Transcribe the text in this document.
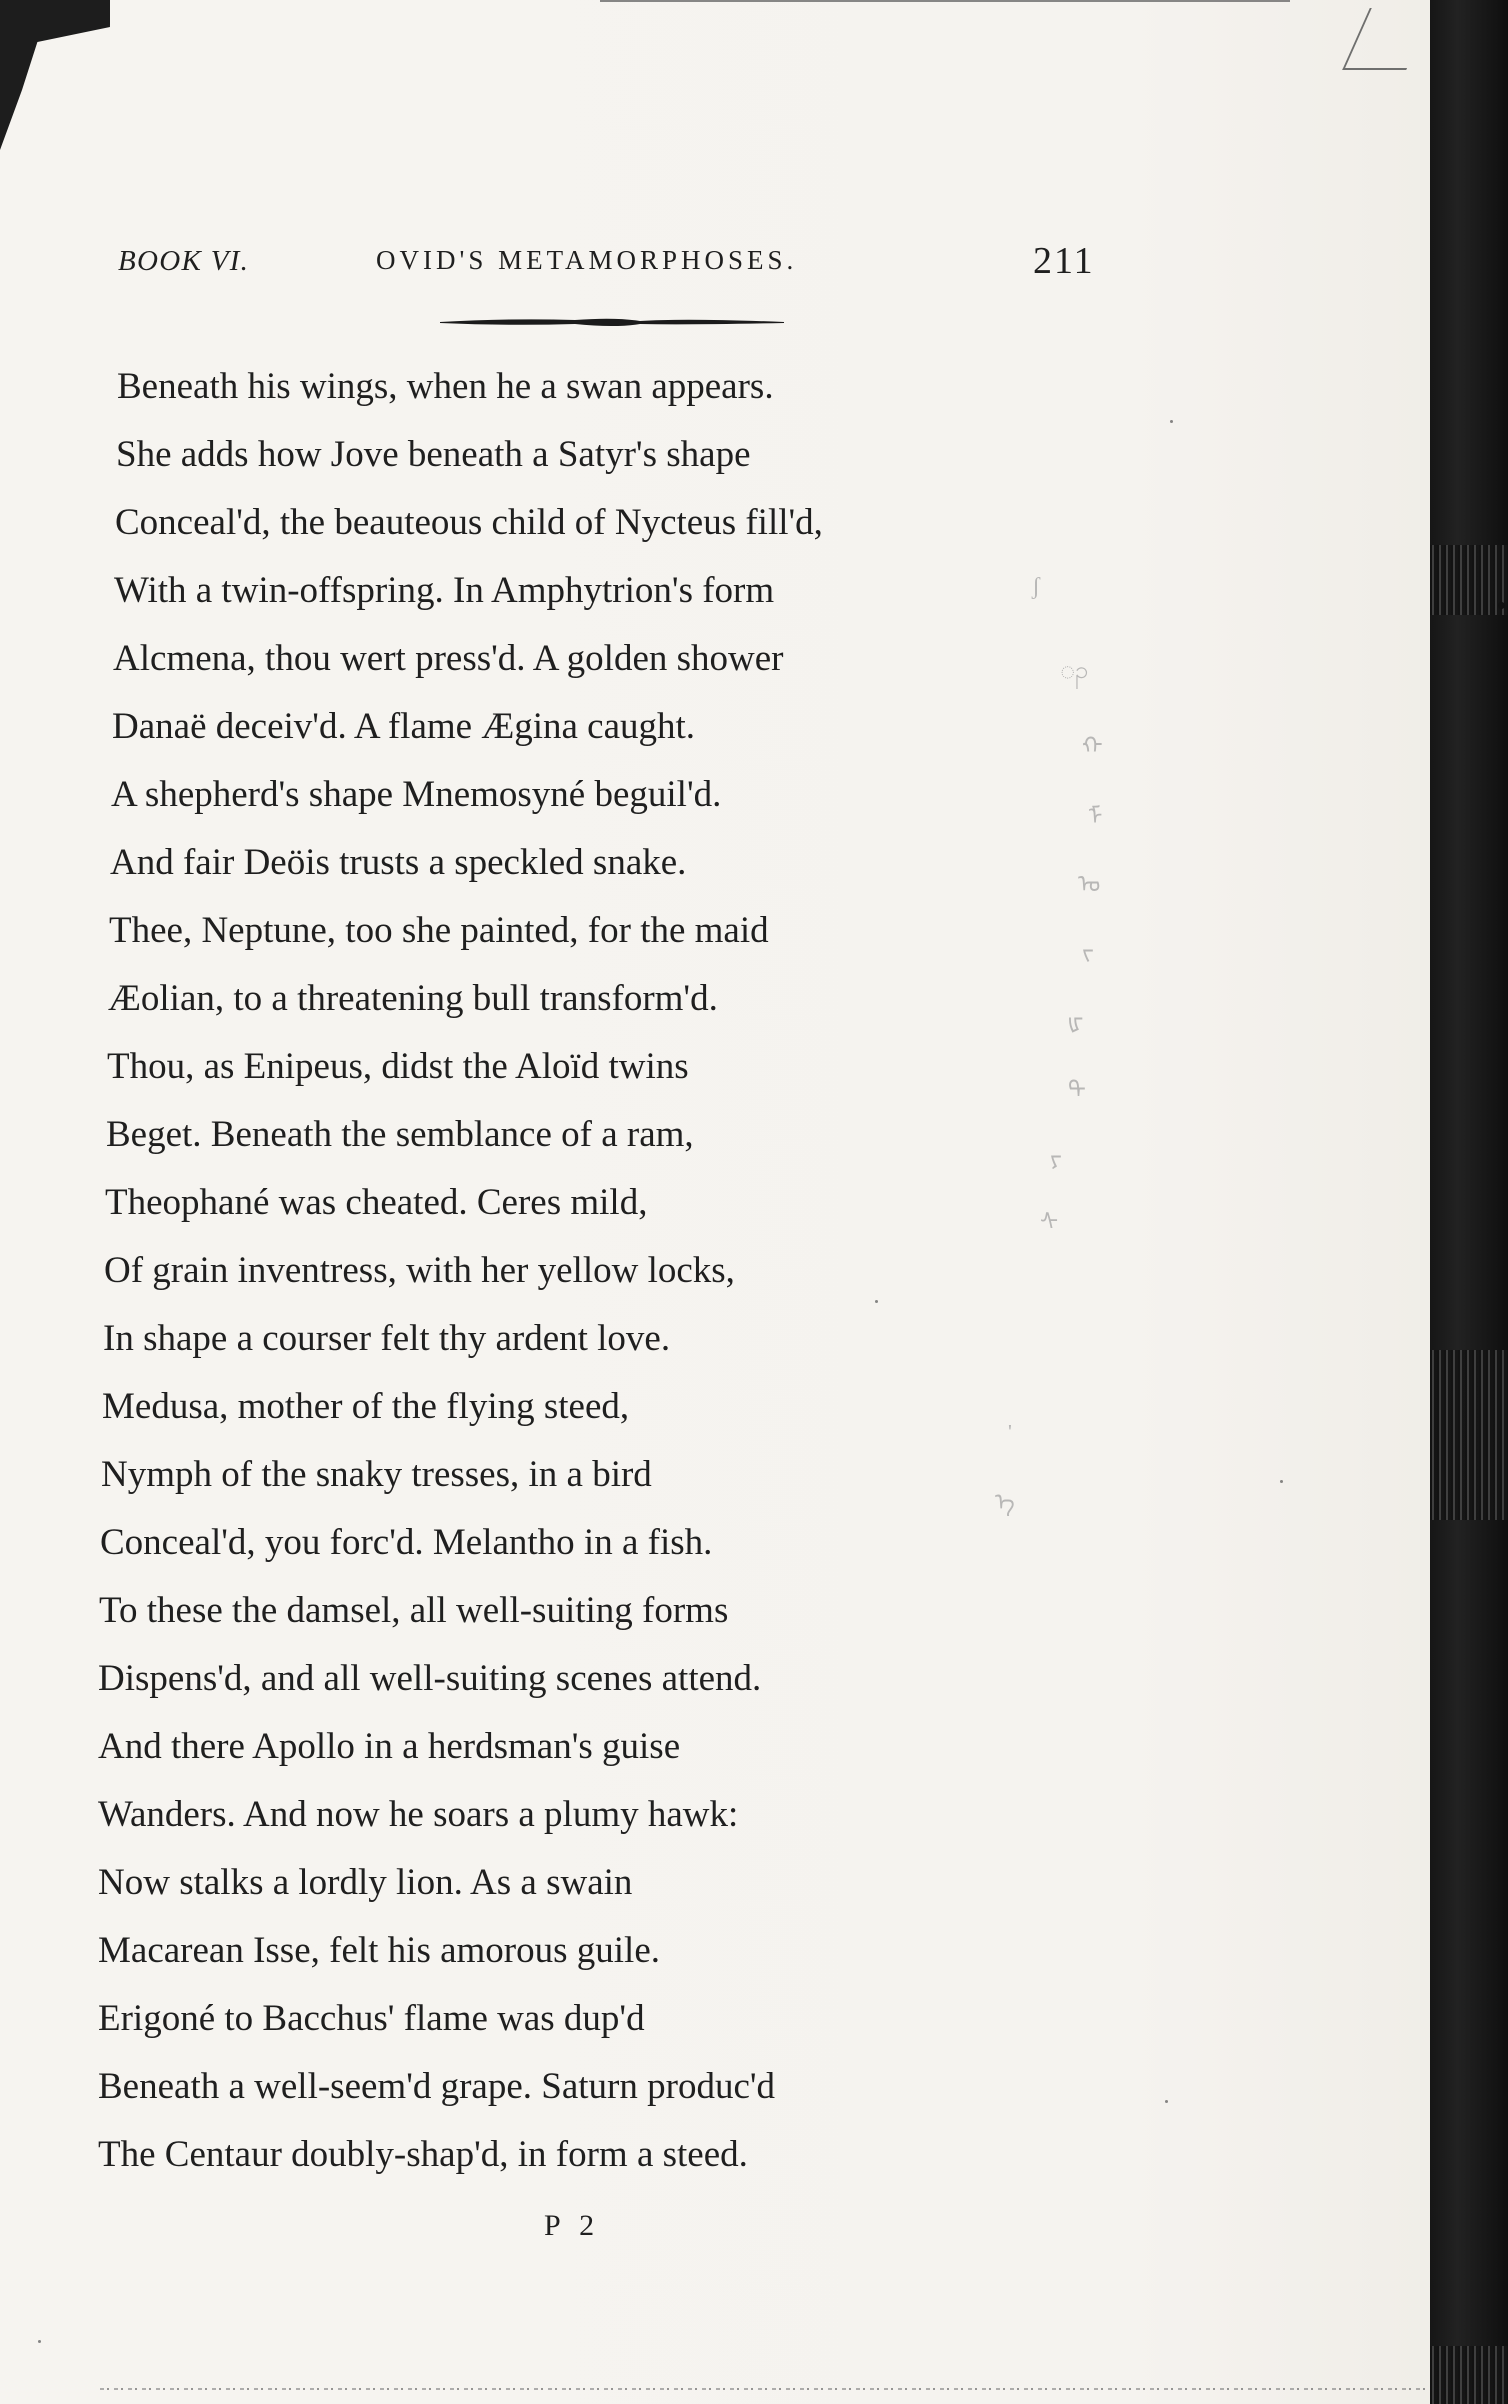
BOOK VI.	OVID'S METAMORPHOSES.	211
Beneath his wings, when he a swan appears.
She adds how Jove beneath a Satyr's shape
Conceal'd, the beauteous child of Nycteus fill'd,
With a twin-offspring. In Amphytrion's form
Alcmena, thou wert press'd. A golden shower
Danaë deceiv'd. A flame Ægina caught.
A shepherd's shape Mnemosyné beguil'd.
And fair Deöis trusts a speckled snake.
Thee, Neptune, too she painted, for the maid
Æolian, to a threatening bull transform'd.
Thou, as Enipeus, didst the Aloïd twins
Beget. Beneath the semblance of a ram,
Theophané was cheated. Ceres mild,
Of grain inventress, with her yellow locks,
In shape a courser felt thy ardent love.
Medusa, mother of the flying steed,
Nymph of the snaky tresses, in a bird
Conceal'd, you forc'd. Melantho in a fish.
To these the damsel, all well-suiting forms
Dispens'd, and all well-suiting scenes attend.
And there Apollo in a herdsman's guise
Wanders. And now he soars a plumy hawk:
Now stalks a lordly lion. As a swain
Macarean Isse, felt his amorous guile.
Erigoné to Bacchus' flame was dup'd
Beneath a well-seem'd grape. Saturn produc'd
The Centaur doubly-shap'd, in form a steed.
P 2
ʃ
ၣ
ᠬ
ᡏ
ᠣ
ᠵ
ᡁ
ᠲ
ᠶ
ᠰ
ᠡ
